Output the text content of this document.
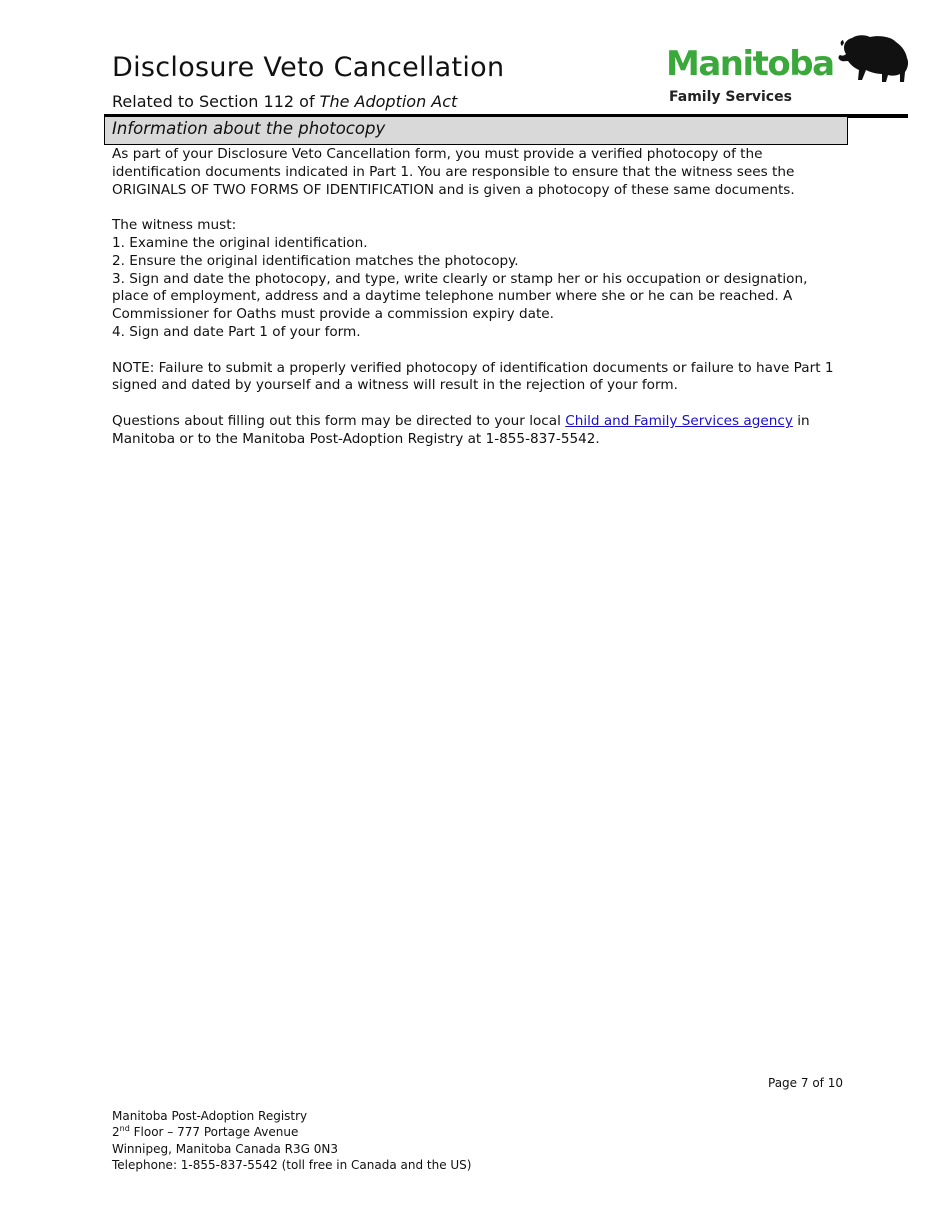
Disclosure Veto Cancellation
Related to Section 112 of The Adoption Act
Manitoba
Family Services
Information about the photocopy

As part of your Disclosure Veto Cancellation form, you must provide a verified photocopy of the identification documents indicated in Part 1. You are responsible to ensure that the witness sees the ORIGINALS OF TWO FORMS OF IDENTIFICATION and is given a photocopy of these same documents.

The witness must:

1. Examine the original identification.

2. Ensure the original identification matches the photocopy.

3. Sign and date the photocopy, and type, write clearly or stamp her or his occupation or designation, place of employment, address and a daytime telephone number where she or he can be reached. A Commissioner for Oaths must provide a commission expiry date.

4. Sign and date Part 1 of your form.

NOTE: Failure to submit a properly verified photocopy of identification documents or failure to have Part 1 signed and dated by yourself and a witness will result in the rejection of your form.

Questions about filling out this form may be directed to your local Child and Family Services agency in Manitoba or to the Manitoba Post-Adoption Registry at 1-855-837-5542.

Page 7 of 10
Manitoba Post-Adoption Registry
2nd Floor – 777 Portage Avenue
Winnipeg, Manitoba Canada R3G 0N3
Telephone: 1-855-837-5542 (toll free in Canada and the US)
